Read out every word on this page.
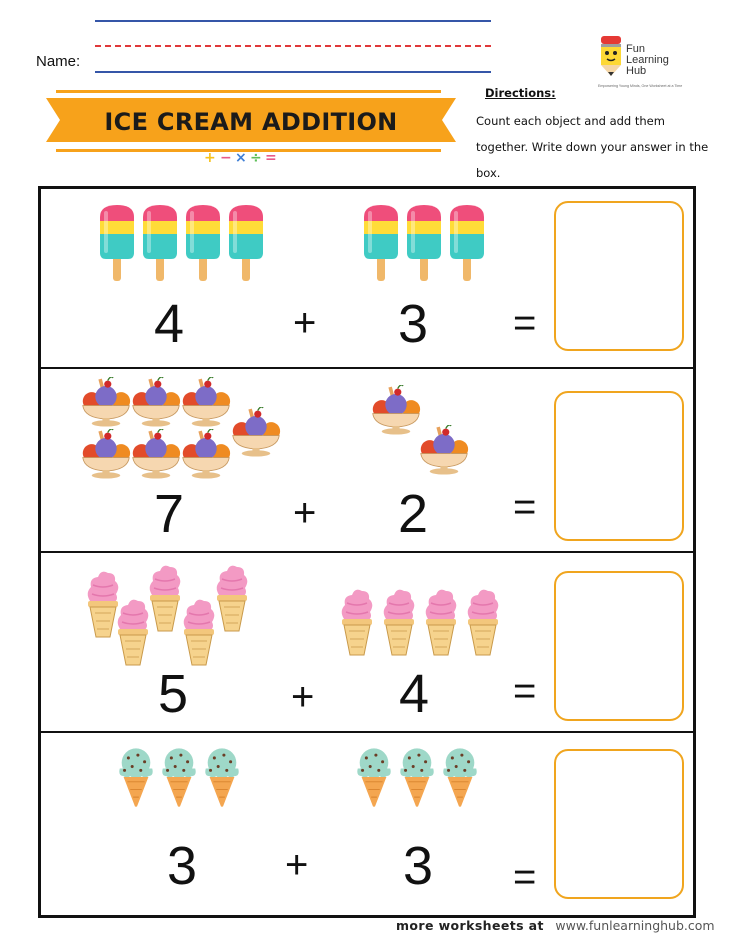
Name:
Fun
Learning
Hub
Empowering Young Minds, One Worksheet at a Time
+ − × ÷ =
ICE CREAM ADDITION
Directions:
Count each object and add them together. Write down your answer in the box.
4	+ 3 =
7	+ 2 =
5	+ 4 =
3 + 3 =
more worksheets at www.funlearninghub.com
